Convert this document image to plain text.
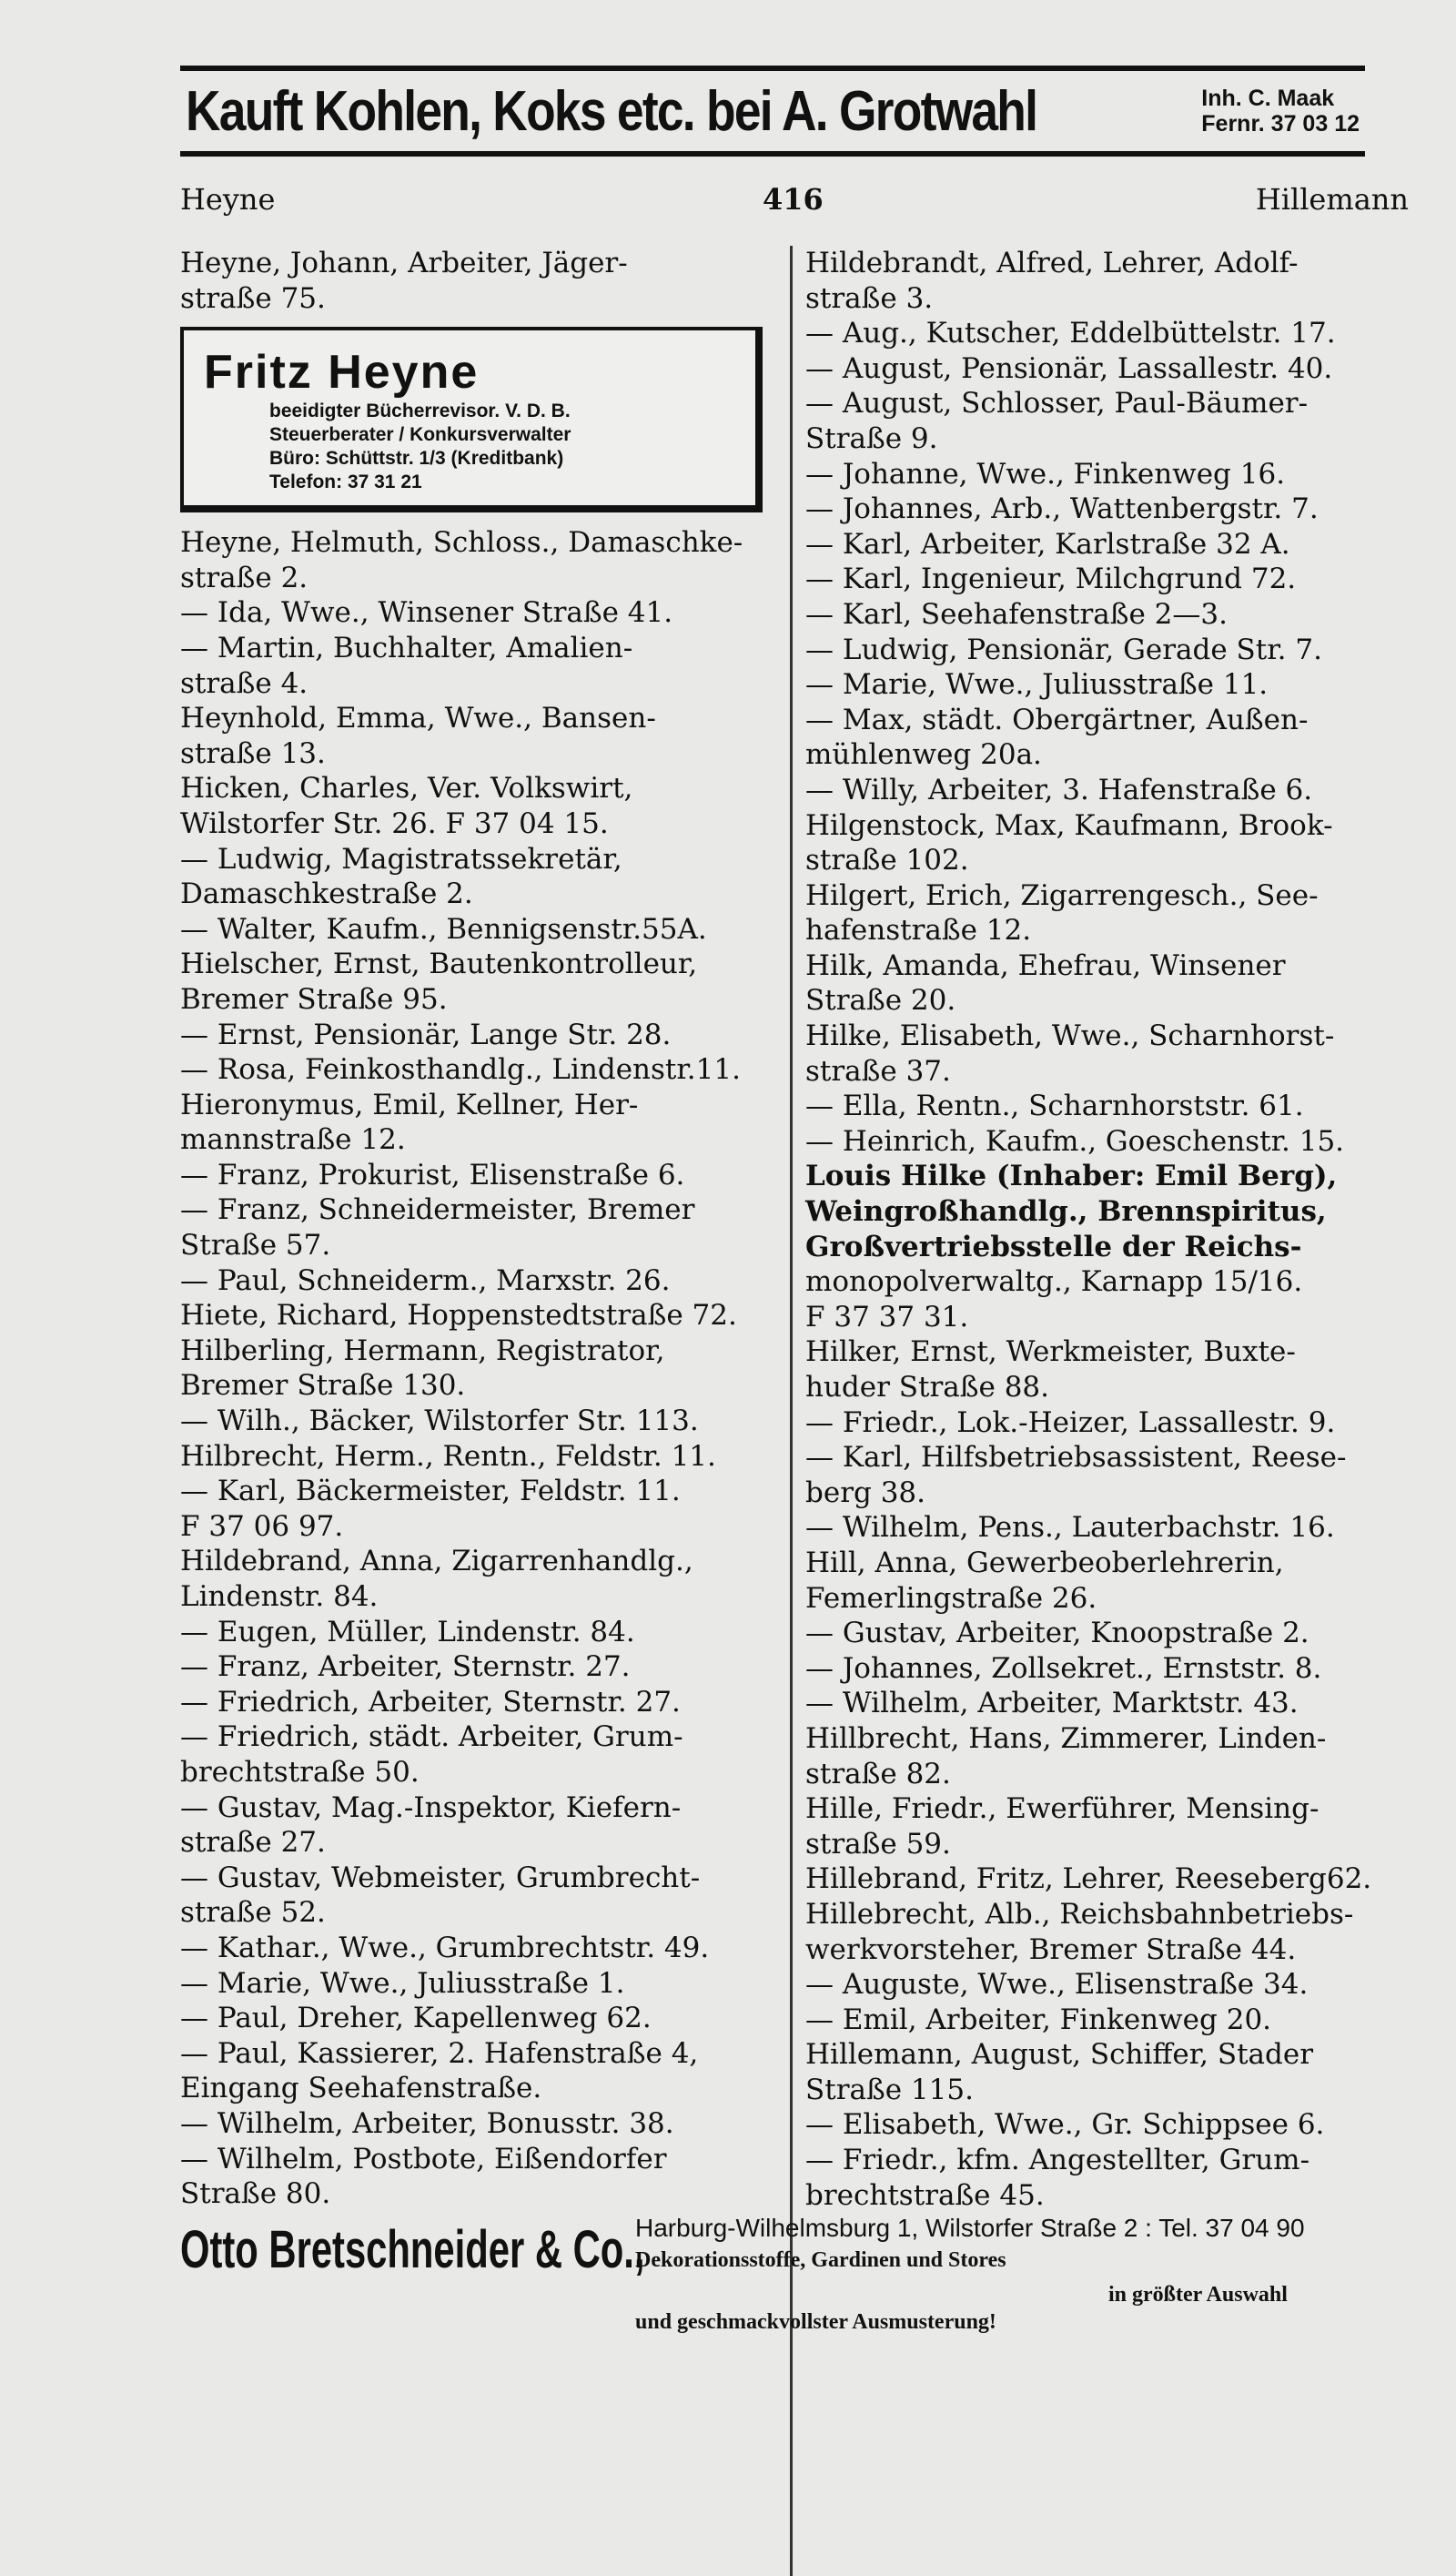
Kauft Kohlen, Koks etc. bei A. Grotwahl	Inh. C. Maak
Fernr. 37 03 12
Heyne	416	Hillemann

Heyne, Johann, Arbeiter, Jäger-

straße 75.

Fritz Heyne
beeidigter Bücherrevisor. V. D. B.
Steuerberater / Konkursverwalter
Büro: Schüttstr. 1/3 (Kreditbank)
Telefon: 37 31 21

Heyne, Helmuth, Schloss., Damaschke-

straße 2.

— Ida, Wwe., Winsener Straße 41.

— Martin, Buchhalter, Amalien-

straße 4.

Heynhold, Emma, Wwe., Bansen-

straße 13.

Hicken, Charles, Ver. Volkswirt,

Wilstorfer Str. 26. F 37 04 15.

— Ludwig, Magistratssekretär,

Damaschkestraße 2.

— Walter, Kaufm., Bennigsenstr.55A.

Hielscher, Ernst, Bautenkontrolleur,

Bremer Straße 95.

— Ernst, Pensionär, Lange Str. 28.

— Rosa, Feinkosthandlg., Lindenstr.11.

Hieronymus, Emil, Kellner, Her-

mannstraße 12.

— Franz, Prokurist, Elisenstraße 6.

— Franz, Schneidermeister, Bremer

Straße 57.

— Paul, Schneiderm., Marxstr. 26.

Hiete, Richard, Hoppenstedtstraße 72.

Hilberling, Hermann, Registrator,

Bremer Straße 130.

— Wilh., Bäcker, Wilstorfer Str. 113.

Hilbrecht, Herm., Rentn., Feldstr. 11.

— Karl, Bäckermeister, Feldstr. 11.

F 37 06 97.

Hildebrand, Anna, Zigarrenhandlg.,

Lindenstr. 84.

— Eugen, Müller, Lindenstr. 84.

— Franz, Arbeiter, Sternstr. 27.

— Friedrich, Arbeiter, Sternstr. 27.

— Friedrich, städt. Arbeiter, Grum-

brechtstraße 50.

— Gustav, Mag.-Inspektor, Kiefern-

straße 27.

— Gustav, Webmeister, Grumbrecht-

straße 52.

— Kathar., Wwe., Grumbrechtstr. 49.

— Marie, Wwe., Juliusstraße 1.

— Paul, Dreher, Kapellenweg 62.

— Paul, Kassierer, 2. Hafenstraße 4,

Eingang Seehafenstraße.

— Wilhelm, Arbeiter, Bonusstr. 38.

— Wilhelm, Postbote, Eißendorfer

Straße 80.

Hildebrandt, Alfred, Lehrer, Adolf-

straße 3.

— Aug., Kutscher, Eddelbüttelstr. 17.

— August, Pensionär, Lassallestr. 40.

— August, Schlosser, Paul-Bäumer-

Straße 9.

— Johanne, Wwe., Finkenweg 16.

— Johannes, Arb., Wattenbergstr. 7.

— Karl, Arbeiter, Karlstraße 32 A.

— Karl, Ingenieur, Milchgrund 72.

— Karl, Seehafenstraße 2—3.

— Ludwig, Pensionär, Gerade Str. 7.

— Marie, Wwe., Juliusstraße 11.

— Max, städt. Obergärtner, Außen-

mühlenweg 20a.

— Willy, Arbeiter, 3. Hafenstraße 6.

Hilgenstock, Max, Kaufmann, Brook-

straße 102.

Hilgert, Erich, Zigarrengesch., See-

hafenstraße 12.

Hilk, Amanda, Ehefrau, Winsener

Straße 20.

Hilke, Elisabeth, Wwe., Scharnhorst-

straße 37.

— Ella, Rentn., Scharnhorststr. 61.

— Heinrich, Kaufm., Goeschenstr. 15.

Louis Hilke (Inhaber: Emil Berg),

Weingroßhandlg., Brennspiritus,

Großvertriebsstelle der Reichs-

monopolverwaltg., Karnapp 15/16.

F 37 37 31.

Hilker, Ernst, Werkmeister, Buxte-

huder Straße 88.

— Friedr., Lok.-Heizer, Lassallestr. 9.

— Karl, Hilfsbetriebsassistent, Reese-

berg 38.

— Wilhelm, Pens., Lauterbachstr. 16.

Hill, Anna, Gewerbeoberlehrerin,

Femerlingstraße 26.

— Gustav, Arbeiter, Knoopstraße 2.

— Johannes, Zollsekret., Ernststr. 8.

— Wilhelm, Arbeiter, Marktstr. 43.

Hillbrecht, Hans, Zimmerer, Linden-

straße 82.

Hille, Friedr., Ewerführer, Mensing-

straße 59.

Hillebrand, Fritz, Lehrer, Reeseberg62.

Hillebrecht, Alb., Reichsbahnbetriebs-

werkvorsteher, Bremer Straße 44.

— Auguste, Wwe., Elisenstraße 34.

— Emil, Arbeiter, Finkenweg 20.

Hillemann, August, Schiffer, Stader

Straße 115.

— Elisabeth, Wwe., Gr. Schippsee 6.

— Friedr., kfm. Angestellter, Grum-

brechtstraße 45.

Otto Bretschneider & Co.,
Harburg-Wilhelmsburg 1, Wilstorfer Straße 2 : Tel. 37 04 90
Dekorationsstoffe, Gardinen und Stores
in größter Auswahl
und geschmackvollster Ausmusterung!
